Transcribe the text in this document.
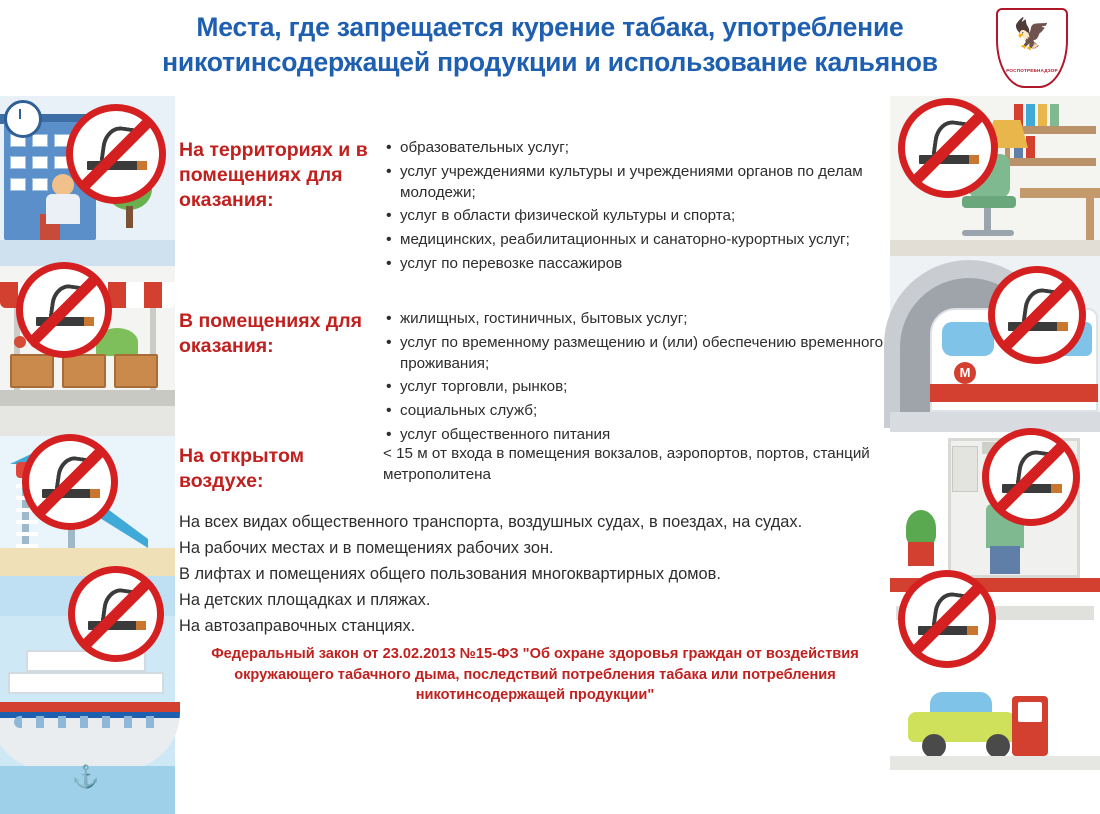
Места, где запрещается курение табака, употребление никотинсодержащей продукции и использование кальянов
🦅
РОСПОТРЕБНАДЗОР
⚓
М
На территориях и в помещениях для оказания:
• образовательных услуг;
• услуг учреждениями культуры и учреждениями органов по делам молодежи;
• услуг в области физической культуры и спорта;
• медицинских, реабилитационных и санаторно-курортных услуг;
• услуг по перевозке пассажиров
В помещениях для оказания:
• жилищных, гостиничных, бытовых услуг;
• услуг по временному размещению и (или) обеспечению временного проживания;
• услуг торговли, рынков;
• социальных служб;
• услуг общественного питания
На открытом воздухе:
< 15 м от входа в помещения вокзалов, аэропортов, портов, станций метрополитена
На всех видах общественного транспорта, воздушных судах, в поездах, на судах.
На рабочих местах и в помещениях рабочих зон.
В лифтах и помещениях общего пользования многоквартирных домов.
На детских площадках и пляжах.
На автозаправочных станциях.
Федеральный закон от 23.02.2013 №15-ФЗ "Об охране здоровья граждан от воздействия окружающего табачного дыма, последствий потребления табака или потребления никотинсодержащей продукции"
